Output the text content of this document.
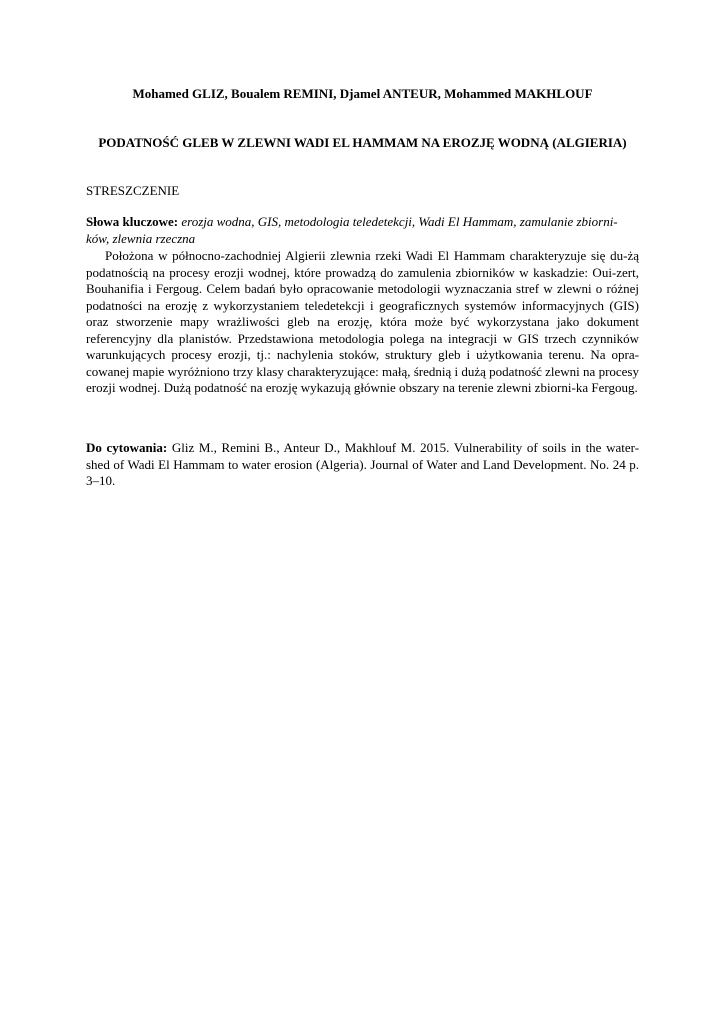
Mohamed GLIZ, Boualem REMINI, Djamel ANTEUR, Mohammed MAKHLOUF
PODATNOŚĆ GLEB W ZLEWNI WADI EL HAMMAM NA EROZJĘ WODNĄ (ALGIERIA)
STRESZCZENIE
Słowa kluczowe: erozja wodna, GIS, metodologia teledetekcji, Wadi El Hammam, zamulanie zbiorni-ków, zlewnia rzeczna
Położona w północno-zachodniej Algierii zlewnia rzeki Wadi El Hammam charakteryzuje się du-żą podatnością na procesy erozji wodnej, które prowadzą do zamulenia zbiorników w kaskadzie: Oui-zert, Bouhanifia i Fergoug. Celem badań było opracowanie metodologii wyznaczania stref w zlewni o różnej podatności na erozję z wykorzystaniem teledetekcji i geograficznych systemów informacyjnych (GIS) oraz stworzenie mapy wrażliwości gleb na erozję, która może być wykorzystana jako dokument referencyjny dla planistów. Przedstawiona metodologia polega na integracji w GIS trzech czynników warunkujących procesy erozji, tj.: nachylenia stoków, struktury gleb i użytkowania terenu. Na opra-cowanej mapie wyróżniono trzy klasy charakteryzujące: małą, średnią i dużą podatność zlewni na procesy erozji wodnej. Dużą podatność na erozję wykazują głównie obszary na terenie zlewni zbiorni-ka Fergoug.
Do cytowania: Gliz M., Remini B., Anteur D., Makhlouf M. 2015. Vulnerability of soils in the water-shed of Wadi El Hammam to water erosion (Algeria). Journal of Water and Land Development. No. 24 p. 3–10.
